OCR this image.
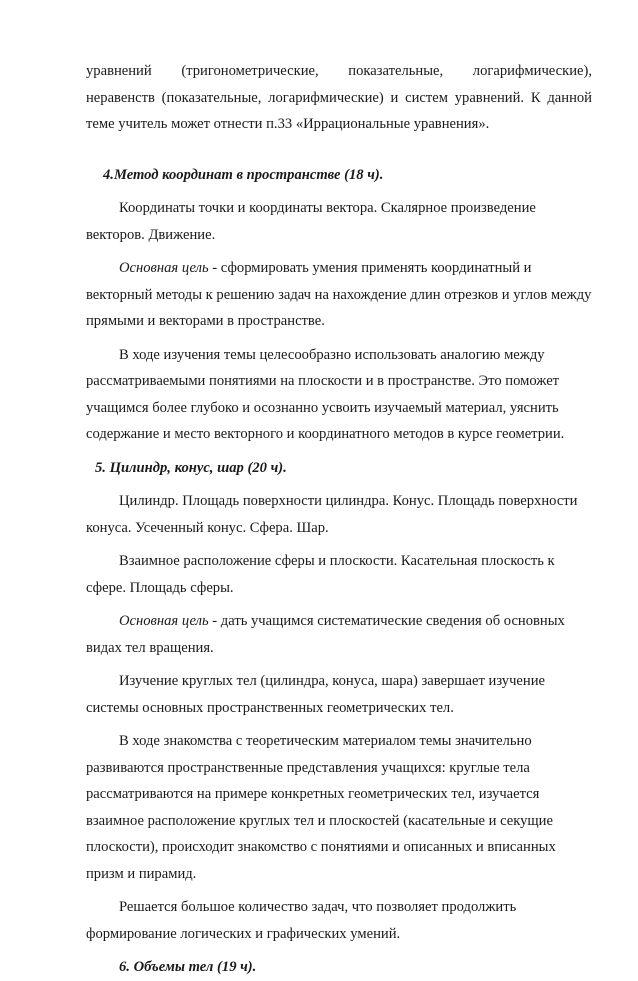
уравнений (тригонометрические, показательные, логарифмические),

неравенств (показательные, логарифмические) и систем уравнений. К данной теме учитель может отнести п.33 «Иррациональные уравнения».

4.Метод координат в пространстве (18 ч).

Координаты точки и координаты вектора. Скалярное произведение векторов. Движение.

Основная цель - сформировать умения применять координатный и векторный методы к решению задач на нахождение длин отрезков и углов между прямыми и векторами в пространстве.

В ходе изучения темы целесообразно использовать аналогию между рассматриваемыми понятиями на плоскости и в пространстве. Это поможет учащимся более глубоко и осознанно усвоить изучаемый материал, уяснить содержание и место векторного и координатного методов в курсе геометрии.

5. Цилиндр, конус, шар (20 ч).

Цилиндр. Площадь поверхности цилиндра. Конус. Площадь поверхности конуса. Усеченный конус. Сфера. Шар.

Взаимное расположение сферы и плоскости. Касательная плоскость к сфере. Площадь сферы.

Основная цель - дать учащимся систематические сведения об основных видах тел вращения.

Изучение круглых тел (цилиндра, конуса, шара) завершает изучение системы основных пространственных геометрических тел.

В ходе знакомства с теоретическим материалом темы значительно развиваются пространственные представления учащихся: круглые тела рассматриваются на примере конкретных геометрических тел, изучается взаимное расположение круглых тел и плоскостей (касательные и секущие плоскости), происходит знакомство с понятиями и описанных и вписанных призм и пирамид.

Решается большое количество задач, что позволяет продолжить формирование логических и графических умений.

6. Объемы тел (19 ч).
